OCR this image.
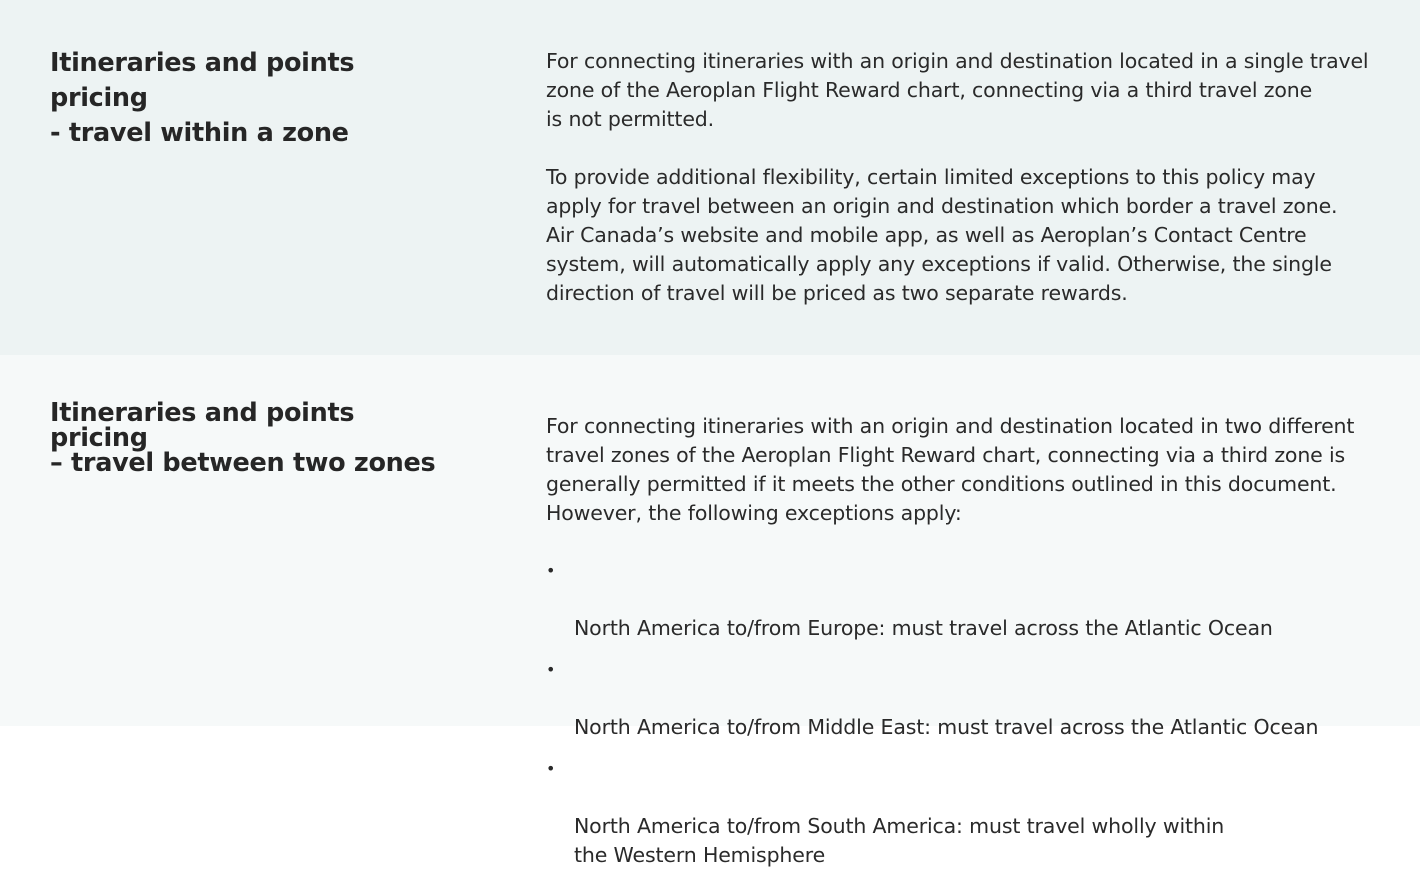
Itineraries and points pricing
- travel within a zone

For connecting itineraries with an origin and destination located in a single travel
zone of the Aeroplan Flight Reward chart, connecting via a third travel zone
is not permitted.

To provide additional flexibility, certain limited exceptions to this policy may
apply for travel between an origin and destination which border a travel zone.
Air Canada’s website and mobile app, as well as Aeroplan’s Contact Centre
system, will automatically apply any exceptions if valid. Otherwise, the single
direction of travel will be priced as two separate rewards.

Itineraries and points pricing
– travel between two zones

For connecting itineraries with an origin and destination located in two different
travel zones of the Aeroplan Flight Reward chart, connecting via a third zone is
generally permitted if it meets the other conditions outlined in this document.
However, the following exceptions apply:

•

North America to/from Europe: must travel across the Atlantic Ocean

•

North America to/from Middle East: must travel across the Atlantic Ocean

•

North America to/from South America: must travel wholly within
the Western Hemisphere
